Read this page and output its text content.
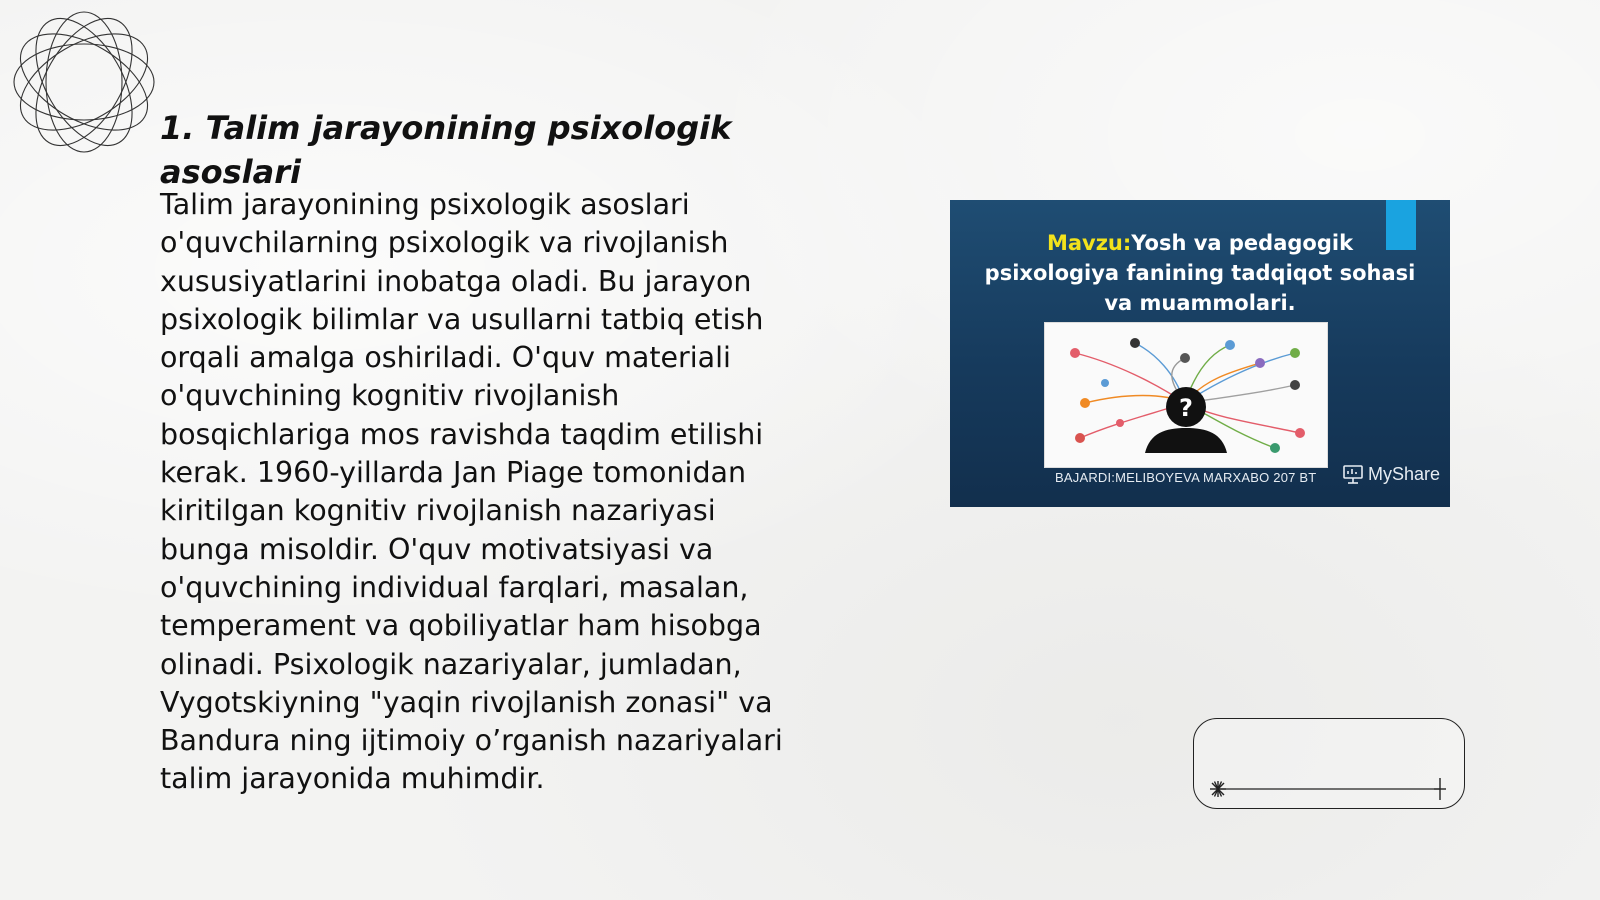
1. Talim jarayonining psixologik asoslari

Talim jarayonining psixologik asoslari
o'quvchilarning psixologik va rivojlanish
xususiyatlarini inobatga oladi. Bu jarayon
psixologik bilimlar va usullarni tatbiq etish
orqali amalga oshiriladi. O'quv materiali
o'quvchining kognitiv rivojlanish
bosqichlariga mos ravishda taqdim etilishi
kerak. 1960-yillarda Jan Piage tomonidan
kiritilgan kognitiv rivojlanish nazariyasi
bunga misoldir. O'quv motivatsiyasi va
o'quvchining individual farqlari, masalan,
temperament va qobiliyatlar ham hisobga
olinadi. Psixologik nazariyalar, jumladan,
Vygotskiyning "yaqin rivojlanish zonasi" va
Bandura ning ijtimoiy o’rganish nazariyalari
talim jarayonida muhimdir.

Mavzu:Yosh va pedagogik
psixologiya fanining tadqiqot sohasi
va muammolari.
?
BAJARDI:MELIBOYEVA MARXABO 207 BT	MyShare
